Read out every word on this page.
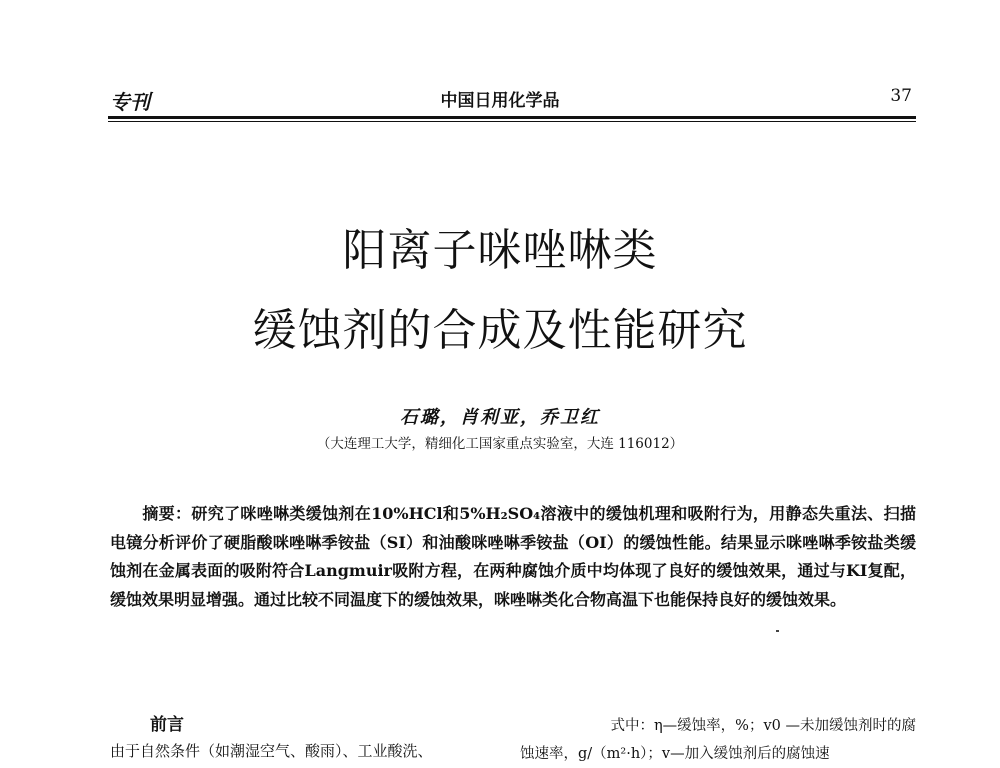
专刊	中国日用化学品	37
阳离子咪唑啉类
缓蚀剂的合成及性能研究
石璐，肖利亚，乔卫红
（大连理工大学，精细化工国家重点实验室，大连 116012）
摘要：研究了咪唑啉类缓蚀剂在10%HCl和5%H₂SO₄溶液中的缓蚀机理和吸附行为，用静态失重法、扫描电镜分析评价了硬脂酸咪唑啉季铵盐（SI）和油酸咪唑啉季铵盐（OI）的缓蚀性能。结果显示咪唑啉季铵盐类缓蚀剂在金属表面的吸附符合Langmuir吸附方程，在两种腐蚀介质中均体现了良好的缓蚀效果，通过与KI复配，缓蚀效果明显增强。通过比较不同温度下的缓蚀效果，咪唑啉类化合物高温下也能保持良好的缓蚀效果。
前言
由于自然条件（如潮湿空气、酸雨）、工业酸洗、
式中：η—缓蚀率，%；v0 —未加缓蚀剂时的腐
蚀速率，g/（m²·h）；v—加入缓蚀剂后的腐蚀速
